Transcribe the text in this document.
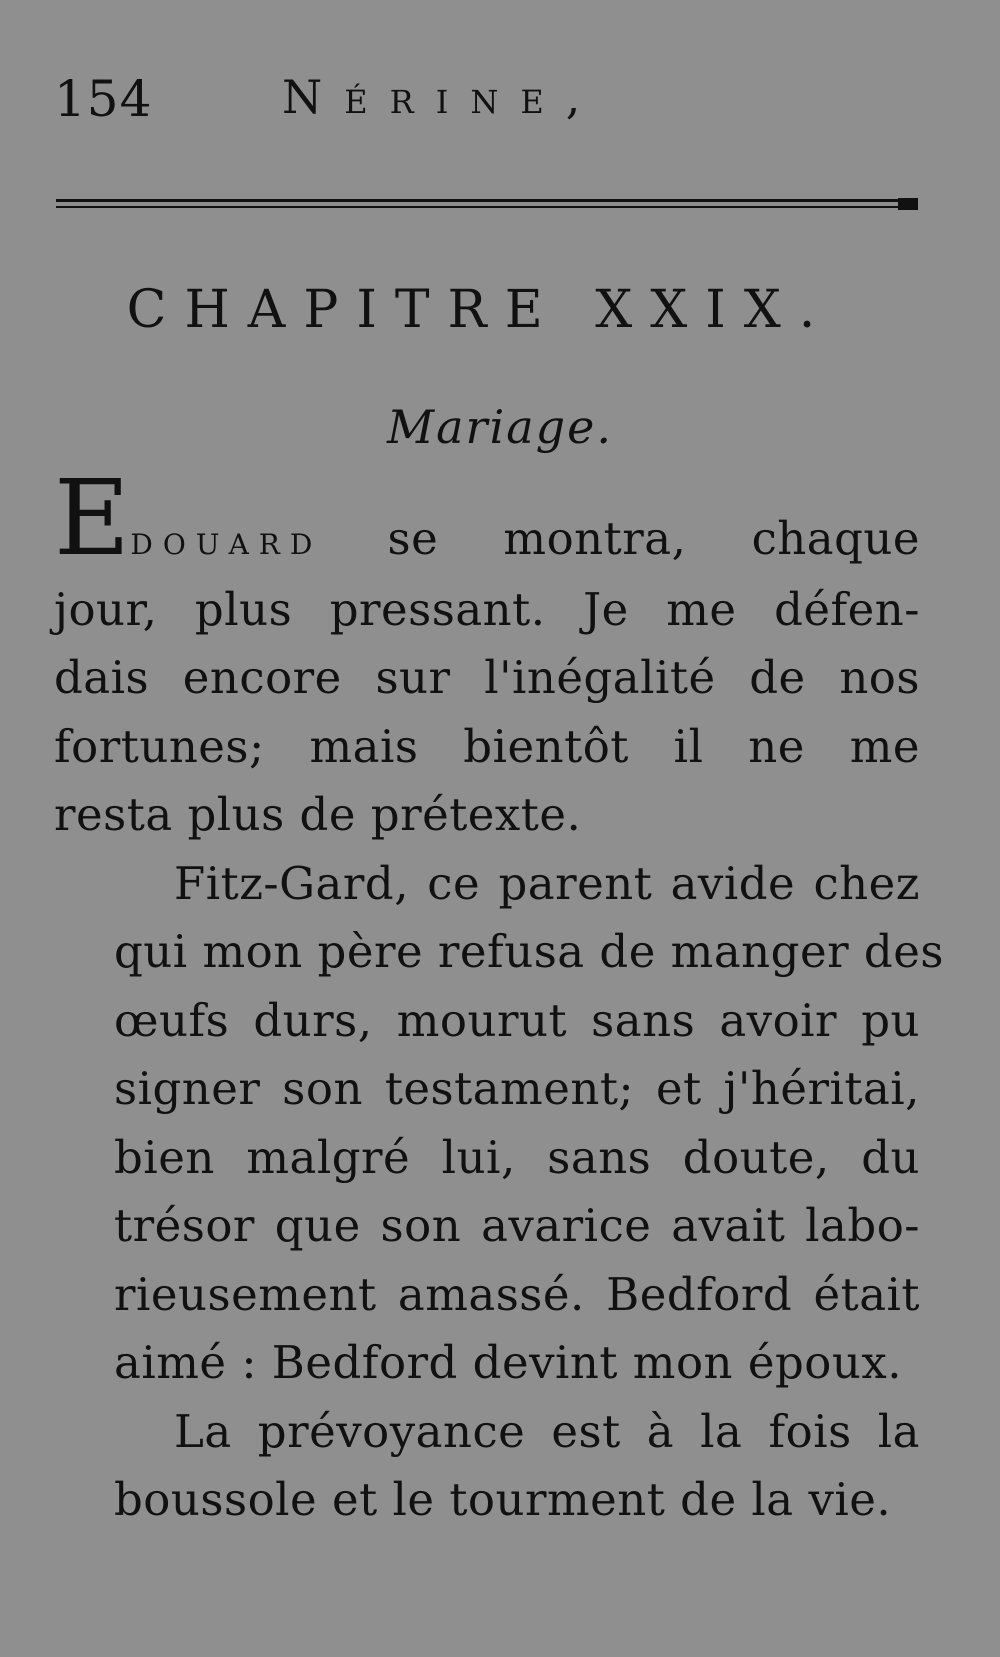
154	Nérine,
CHAPITRE XXIX.
Mariage.

Edouard se montra, chaque
jour, plus pressant. Je me défen-
dais encore sur l'inégalité de nos
fortunes; mais bientôt il ne me
resta plus de prétexte.

Fitz-Gard, ce parent avide chez
qui mon père refusa de manger des
œufs durs, mourut sans avoir pu
signer son testament; et j'héritai,
bien malgré lui, sans doute, du
trésor que son avarice avait labo-
rieusement amassé. Bedford était
aimé : Bedford devint mon époux.

La prévoyance est à la fois la
boussole et le tourment de la vie.
